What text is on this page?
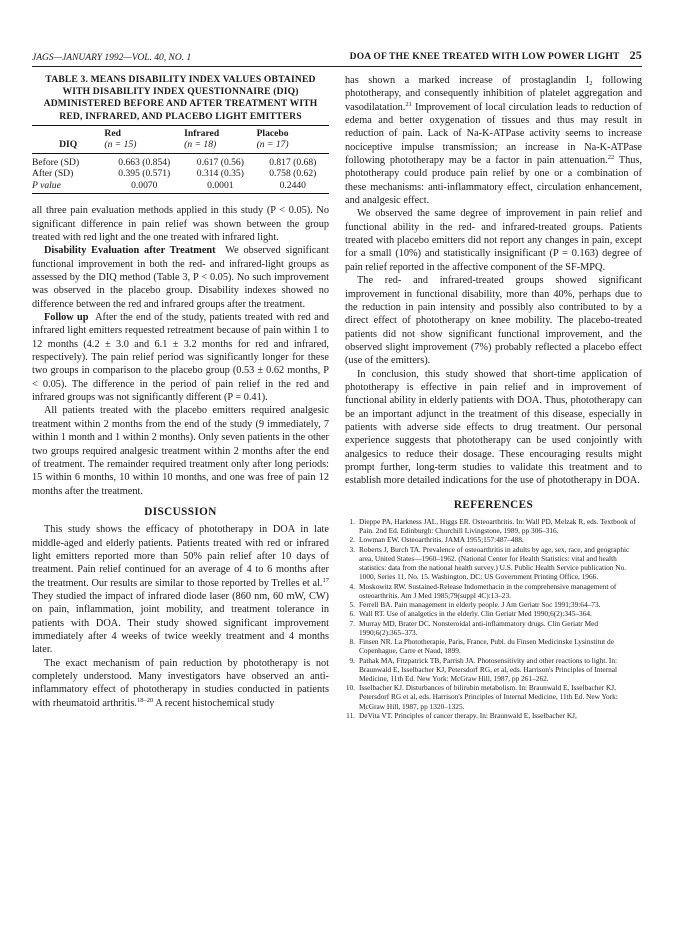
JAGS—JANUARY 1992—VOL. 40, NO. 1	DOA OF THE KNEE TREATED WITH LOW POWER LIGHT 25
TABLE 3. MEANS DISABILITY INDEX VALUES OBTAINED WITH DISABILITY INDEX QUESTIONNAIRE (DIQ) ADMINISTERED BEFORE AND AFTER TREATMENT WITH RED, INFRARED, AND PLACEBO LIGHT EMITTERS
	Red	Infrared	Placebo
DIQ	(n = 15)	(n = 18)	(n = 17)
Before (SD)	0.663 (0.854)	0.617 (0.56)	0.817 (0.68)
After (SD)	0.395 (0.571)	0.314 (0.35)	0.758 (0.62)
P value	0.0070	0.0001	0.2440

all three pain evaluation methods applied in this study (P < 0.05). No significant difference in pain relief was shown between the group treated with red light and the one treated with infrared light.

Disability Evaluation after Treatment We observed significant functional improvement in both the red- and infrared-light groups as assessed by the DIQ method (Table 3, P < 0.05). No such improvement was observed in the placebo group. Disability indexes showed no difference between the red and infrared groups after the treatment.

Follow up After the end of the study, patients treated with red and infrared light emitters requested retreatment because of pain within 1 to 12 months (4.2 ± 3.0 and 6.1 ± 3.2 months for red and infrared, respectively). The pain relief period was significantly longer for these two groups in comparison to the placebo group (0.53 ± 0.62 months, P < 0.05). The difference in the period of pain relief in the red and infrared groups was not significantly different (P = 0.41).

All patients treated with the placebo emitters required analgesic treatment within 2 months from the end of the study (9 immediately, 7 within 1 month and 1 within 2 months). Only seven patients in the other two groups required analgesic treatment within 2 months after the end of treatment. The remainder required treatment only after long periods: 15 within 6 months, 10 within 10 months, and one was free of pain 12 months after the treatment.

DISCUSSION

This study shows the efficacy of phototherapy in DOA in late middle-aged and elderly patients. Patients treated with red or infrared light emitters reported more than 50% pain relief after 10 days of treatment. Pain relief continued for an average of 4 to 6 months after the treatment. Our results are similar to those reported by Trelles et al.$^{17}$ They studied the impact of infrared diode laser (860 nm, 60 mW, CW) on pain, inflammation, joint mobility, and treatment tolerance in patients with DOA. Their study showed significant improvement immediately after 4 weeks of twice weekly treatment and 4 months later.

The exact mechanism of pain reduction by phototherapy is not completely understood. Many investigators have observed an anti-inflammatory effect of phototherapy in studies conducted in patients with rheumatoid arthritis.$^{18-20}$ A recent histochemical study

has shown a marked increase of prostaglandin $I_2$ following phototherapy, and consequently inhibition of platelet aggregation and vasodilatation.$^{21}$ Improvement of local circulation leads to reduction of edema and better oxygenation of tissues and thus may result in reduction of pain. Lack of Na-K-ATPase activity seems to increase nociceptive impulse transmission; an increase in Na-K-ATPase following phototherapy may be a factor in pain attenuation.$^{22}$ Thus, phototherapy could produce pain relief by one or a combination of these mechanisms: anti-inflammatory effect, circulation enhancement, and analgesic effect.

We observed the same degree of improvement in pain relief and functional ability in the red- and infrared-treated groups. Patients treated with placebo emitters did not report any changes in pain, except for a small (10%) and statistically insignificant (P = 0.163) degree of pain relief reported in the affective component of the SF-MPQ.

The red- and infrared-treated groups showed significant improvement in functional disability, more than 40%, perhaps due to the reduction in pain intensity and possibly also contributed to by a direct effect of phototherapy on knee mobility. The placebo-treated patients did not show significant functional improvement, and the observed slight improvement (7%) probably reflected a placebo effect (use of the emitters).

In conclusion, this study showed that short-time application of phototherapy is effective in pain relief and in improvement of functional ability in elderly patients with DOA. Thus, phototherapy can be an important adjunct in the treatment of this disease, especially in patients with adverse side effects to drug treatment. Our personal experience suggests that phototherapy can be used conjointly with analgesics to reduce their dosage. These encouraging results might prompt further, long-term studies to validate this treatment and to establish more detailed indications for the use of phototherapy in DOA.

REFERENCES
1. Dieppe PA, Harkness JAL, Higgs ER. Osteoarthritis. In: Wall PD, Melzak R, eds. Textbook of Pain. 2nd Ed. Edinburgh: Churchill Livingstone, 1989, pp 306–316.
2. Lowman EW. Osteoarthritis. JAMA 1955;157:487–488.
3. Roberts J, Burch TA. Prevalence of osteoarthritis in adults by age, sex, race, and geographic area, United States—1960–1962. (National Center for Health Statistics: vital and health statistics: data from the national health survey.) U.S. Public Health Service publication No. 1000, Series 11, No. 15. Washington, DC: US Government Printing Office, 1966.
4. Moskowitz RW. Sustained-Release Indomethacin in the comprehensive management of osteoarthritis. Am J Med 1985;79(suppl 4C):13–23.
5. Ferrell BA. Pain management in elderly people. J Am Geriatr Soc 1991;39:64–73.
6. Wall RT. Use of analgetics in the elderly. Clin Geriatr Med 1990;6(2):345–364.
7. Murray MD, Brater DC. Nonsteroidal anti-inflammatory drugs. Clin Geriatr Med 1990;6(2):365–373.
8. Finsen NR. La Phototherapie, Paris, France, Publ. du Finsen Medicinske Lysinstitut de Copenhague, Carre et Naud, 1899.
9. Pathak MA, Fitzpatrick TB, Parrish JA. Photosensitivity and other reactions to light. In: Braunwald E, Isselbacher KJ, Petersdorf RG, et al, eds. Harrison's Principles of Internal Medicine, 11th Ed. New York: McGraw Hill, 1987, pp 261–262.
10. Isselbacher KJ. Disturbances of bilirubin metabolism. In: Braunwald E, Isselbacher KJ, Petersdorf RG et al, eds. Harrison's Principles of Internal Medicine, 11th Ed. New York: McGraw Hill, 1987, pp 1320–1325.
11. DeVita VT. Principles of cancer therapy. In: Braunwald E, Isselbacher KJ,
